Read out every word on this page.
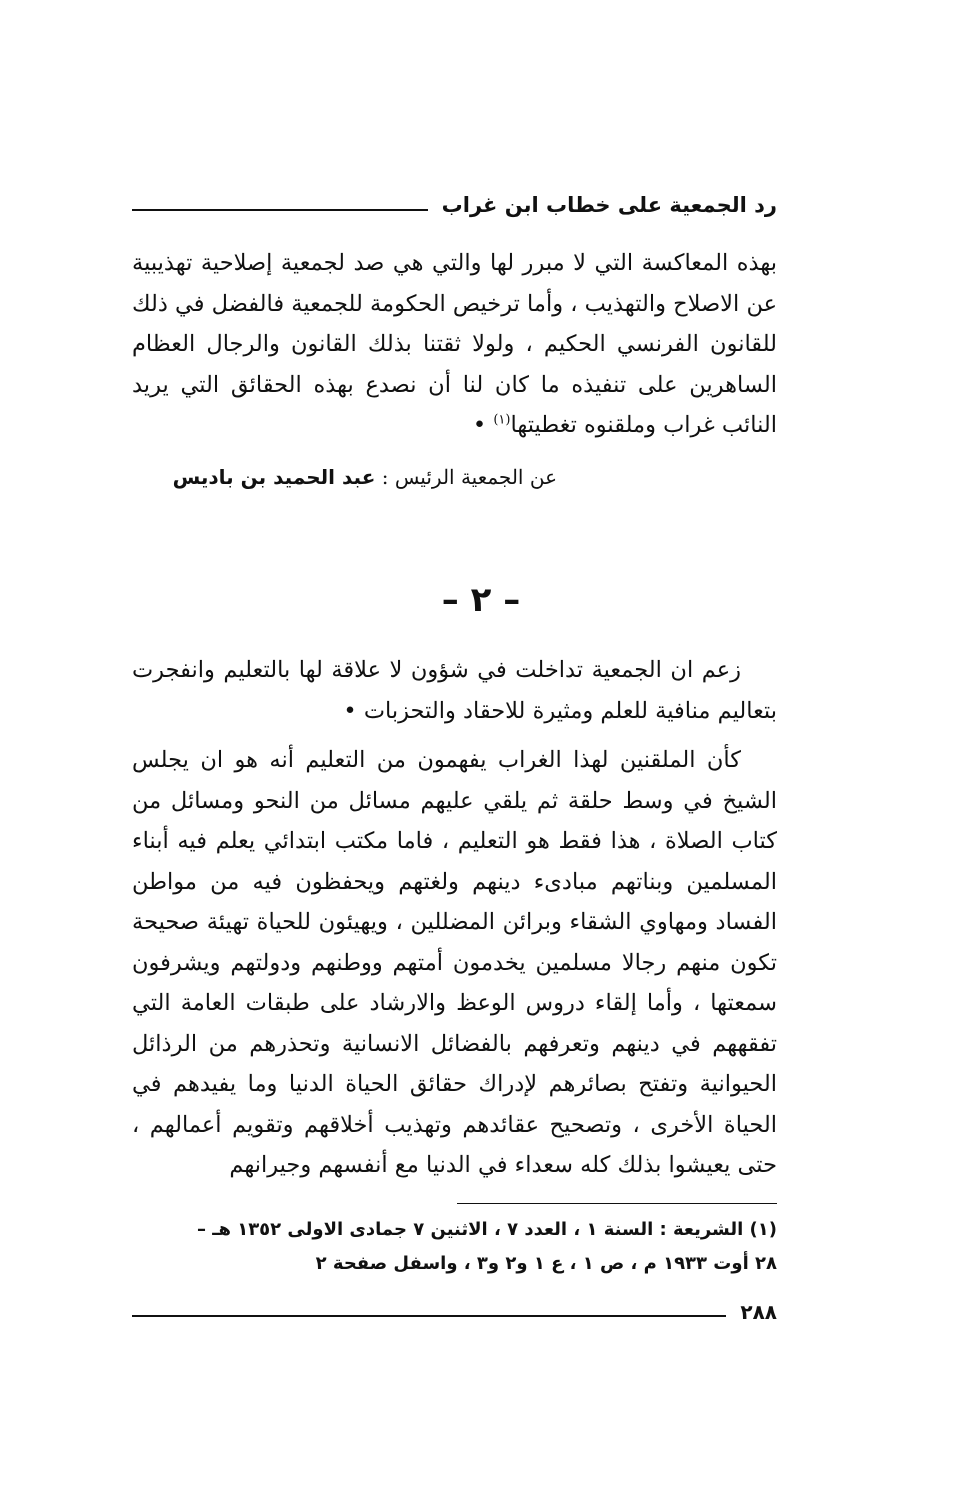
رد الجمعية على خطاب ابن غراب

بهذه المعاكسة التي لا مبرر لها والتي هي صد لجمعية إصلاحية تهذيبية عن الاصلاح والتهذيب ، وأما ترخيص الحكومة للجمعية فالفضل في ذلك للقانون الفرنسي الحكيم ، ولولا ثقتنا بذلك القانون والرجال العظام الساهرين على تنفيذه ما كان لنا أن نصدع بهذه الحقائق التي يريد النائب غراب وملقنوه تغطيتها$^{(١)}$ •

عن الجمعية الرئيس : عبد الحميد بن باديس
– ٢ –

زعم ان الجمعية تداخلت في شؤون لا علاقة لها بالتعليم وانفجرت بتعاليم منافية للعلم ومثيرة للاحقاد والتحزبات •

كأن الملقنين لهذا الغراب يفهمون من التعليم أنه هو ان يجلس الشيخ في وسط حلقة ثم يلقي عليهم مسائل من النحو ومسائل من كتاب الصلاة ، هذا فقط هو التعليم ، فاما مكتب ابتدائي يعلم فيه أبناء المسلمين وبناتهم مبادىء دينهم ولغتهم ويحفظون فيه من مواطن الفساد ومهاوي الشقاء وبرائن المضللين ، ويهيئون للحياة تهيئة صحيحة تكون منهم رجالا مسلمين يخدمون أمتهم ووطنهم ودولتهم ويشرفون سمعتها ، وأما إلقاء دروس الوعظ والارشاد على طبقات العامة التي تفقههم في دينهم وتعرفهم بالفضائل الانسانية وتحذرهم من الرذائل الحيوانية وتفتح بصائرهم لإدراك حقائق الحياة الدنيا وما يفيدهم في الحياة الأخرى ، وتصحيح عقائدهم وتهذيب أخلاقهم وتقويم أعمالهم ، حتى يعيشوا بذلك كله سعداء في الدنيا مع أنفسهم وجيرانهم

(١) الشريعة : السنة ١ ، العدد ٧ ، الاثنين ٧ جمادى الاولى ١٣٥٢ هـ –
٢٨ أوت ١٩٣٣ م ، ص ١ ، ع ١ و٢ و٣ ، واسفل صفحة ٢
٢٨٨
